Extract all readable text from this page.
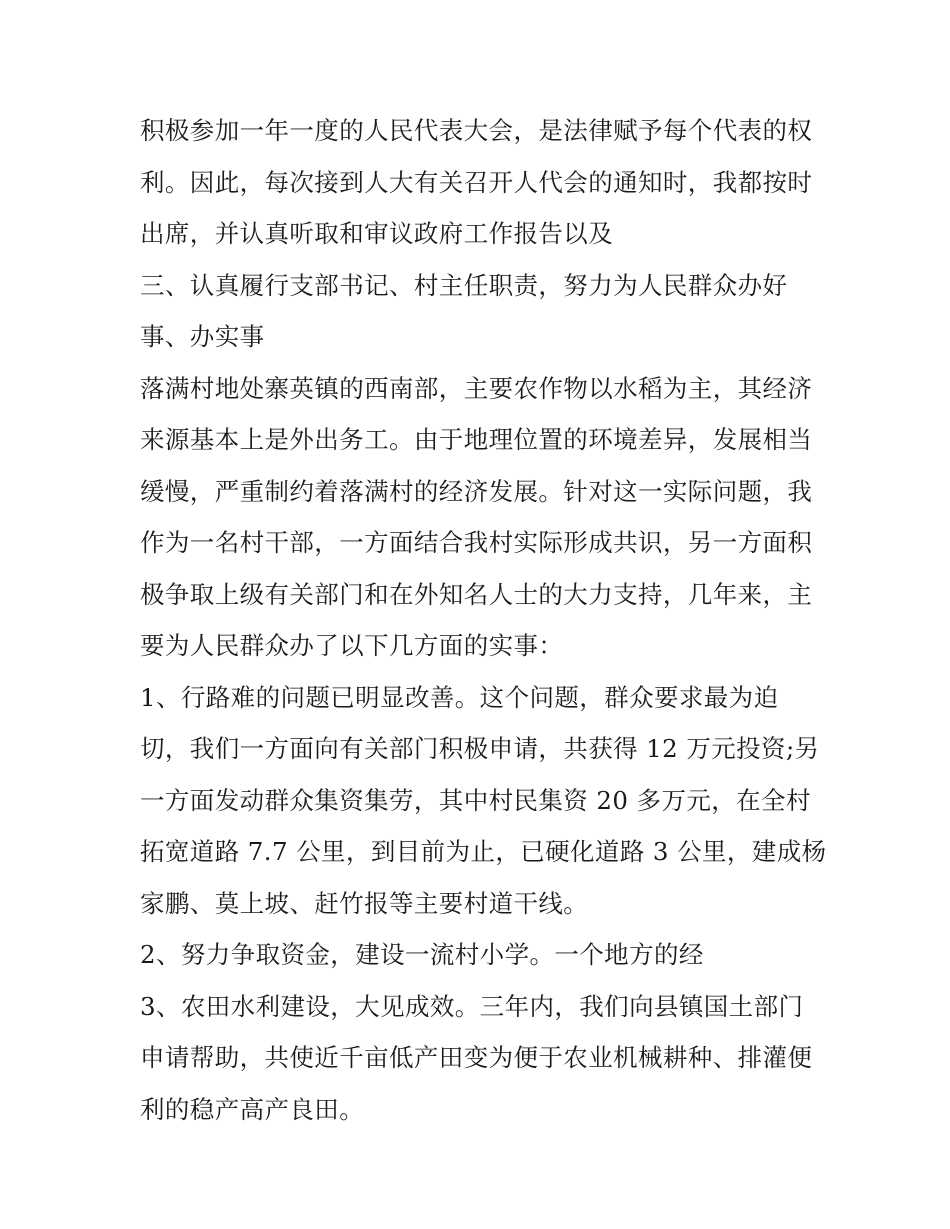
积极参加一年一度的人民代表大会，是法律赋予每个代表的权
利。因此，每次接到人大有关召开人代会的通知时，我都按时
出席，并认真听取和审议政府工作报告以及
三、认真履行支部书记、村主任职责，努力为人民群众办好
事、办实事
落满村地处寨英镇的西南部，主要农作物以水稻为主，其经济
来源基本上是外出务工。由于地理位置的环境差异，发展相当
缓慢，严重制约着落满村的经济发展。针对这一实际问题，我
作为一名村干部，一方面结合我村实际形成共识，另一方面积
极争取上级有关部门和在外知名人士的大力支持，几年来，主
要为人民群众办了以下几方面的实事：
1、行路难的问题已明显改善。这个问题，群众要求最为迫
切，我们一方面向有关部门积极申请，共获得 12 万元投资;另
一方面发动群众集资集劳，其中村民集资 20 多万元，在全村
拓宽道路 7.7 公里，到目前为止，已硬化道路 3 公里，建成杨
家鹏、莫上坡、赶竹报等主要村道干线。
2、努力争取资金，建设一流村小学。一个地方的经
3、农田水利建设，大见成效。三年内，我们向县镇国土部门
申请帮助，共使近千亩低产田变为便于农业机械耕种、排灌便
利的稳产高产良田。
